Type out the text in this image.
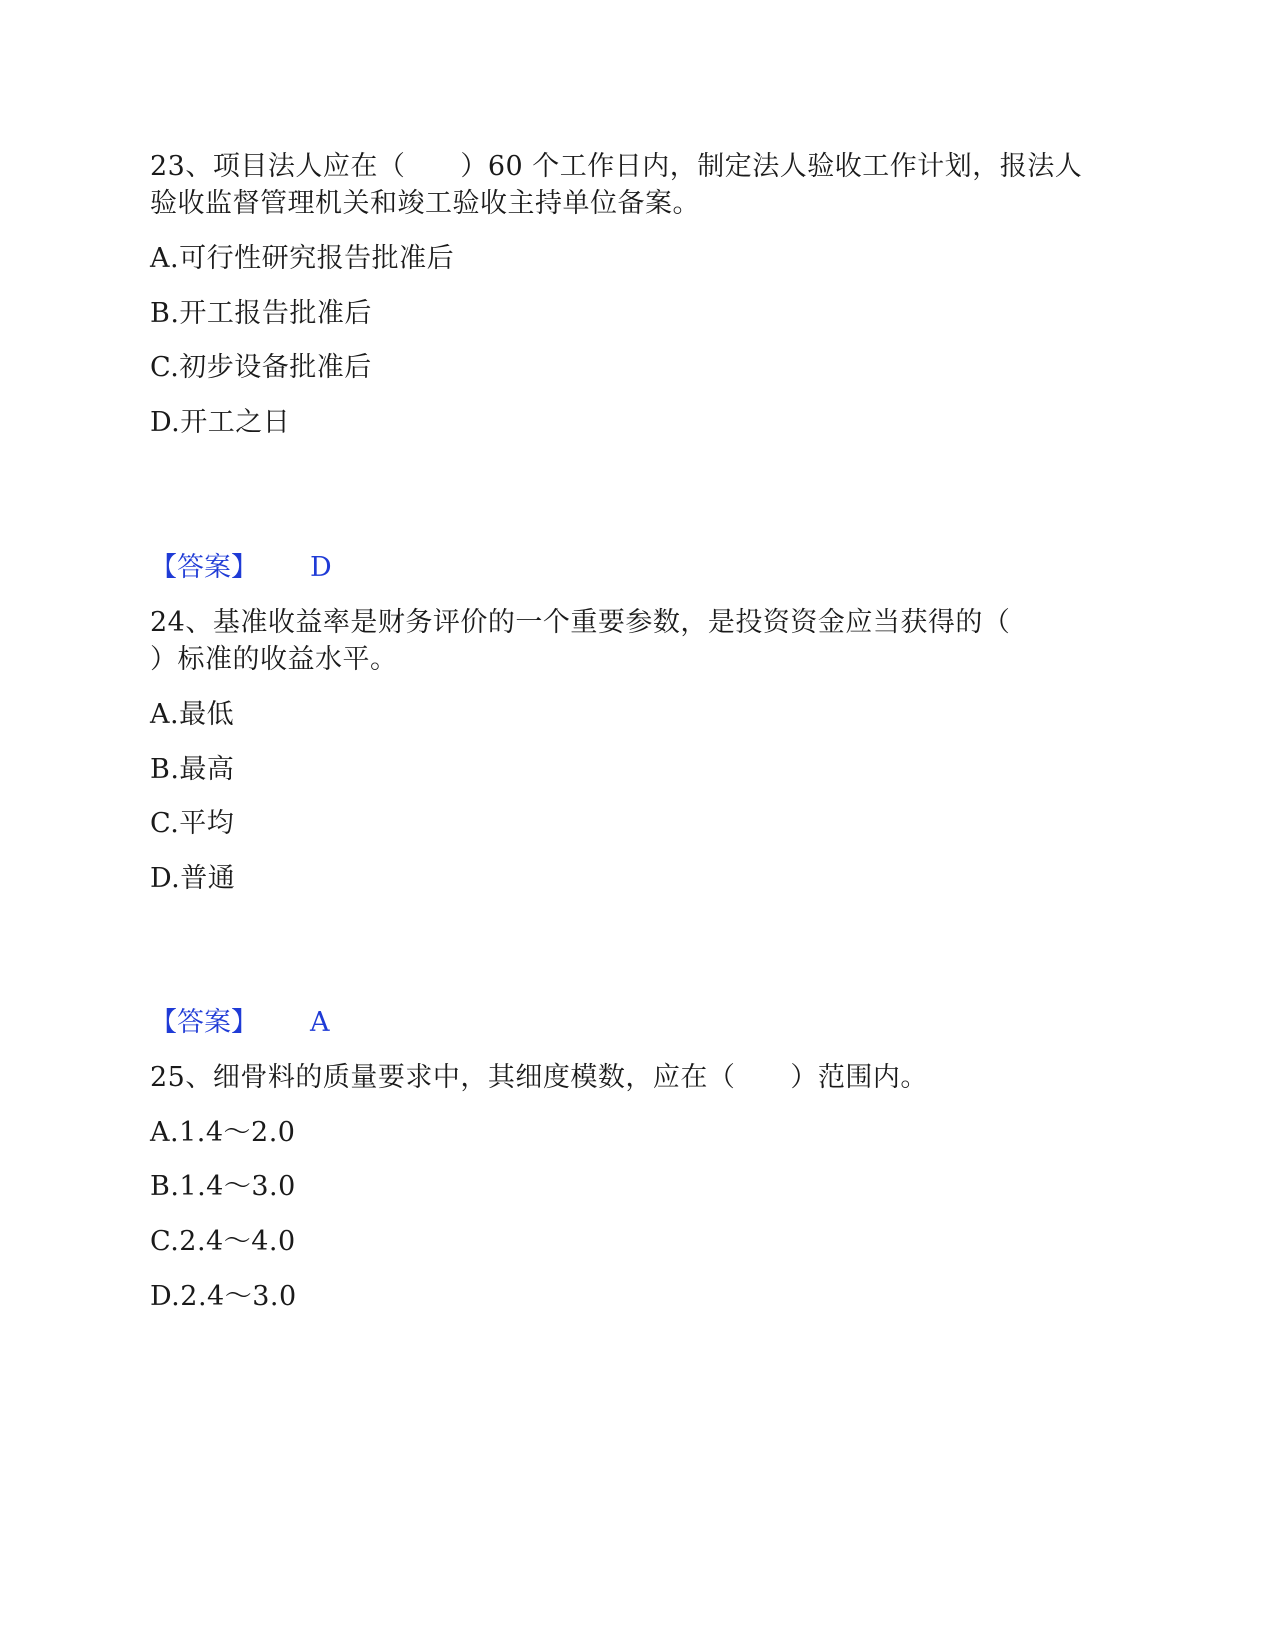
23、项目法人应在（　　）60 个工作日内，制定法人验收工作计划，报法人
验收监督管理机关和竣工验收主持单位备案。
A.可行性研究报告批准后
B.开工报告批准后
C.初步设备批准后
D.开工之日
【答案】 D
24、基准收益率是财务评价的一个重要参数，是投资资金应当获得的（
）标准的收益水平。
A.最低
B.最高
C.平均
D.普通
【答案】 A
25、细骨料的质量要求中，其细度模数，应在（　　）范围内。
A.1.4～2.0
B.1.4～3.0
C.2.4～4.0
D.2.4～3.0
